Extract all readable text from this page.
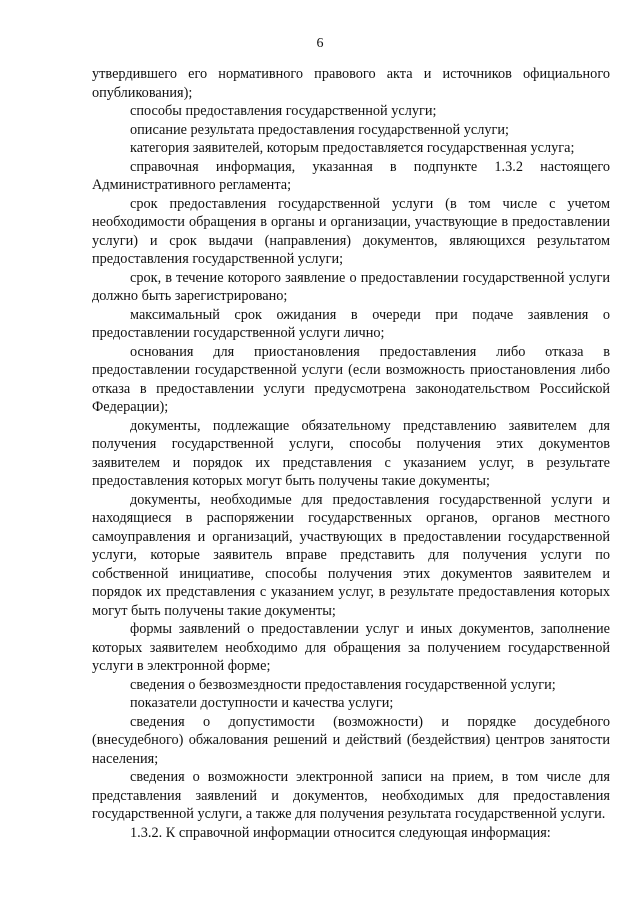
6

утвердившего его нормативного правового акта и источников официального опубликования);

способы предоставления государственной услуги;

описание результата предоставления государственной услуги;

категория заявителей, которым предоставляется государственная услуга;

справочная информация, указанная в подпункте 1.3.2 настоящего Административного регламента;

срок предоставления государственной услуги (в том числе с учетом необходимости обращения в органы и организации, участвующие в предоставлении услуги) и срок выдачи (направления) документов, являющихся результатом предоставления государственной услуги;

срок, в течение которого заявление о предоставлении государственной услуги должно быть зарегистрировано;

максимальный срок ожидания в очереди при подаче заявления о предоставлении государственной услуги лично;

основания для приостановления предоставления либо отказа в предоставлении государственной услуги (если возможность приостановления либо отказа в предоставлении услуги предусмотрена законодательством Российской Федерации);

документы, подлежащие обязательному представлению заявителем для получения государственной услуги, способы получения этих документов заявителем и порядок их представления с указанием услуг, в результате предоставления которых могут быть получены такие документы;

документы, необходимые для предоставления государственной услуги и находящиеся в распоряжении государственных органов, органов местного самоуправления и организаций, участвующих в предоставлении государственной услуги, которые заявитель вправе представить для получения услуги по собственной инициативе, способы получения этих документов заявителем и порядок их представления с указанием услуг, в результате предоставления которых могут быть получены такие документы;

формы заявлений о предоставлении услуг и иных документов, заполнение которых заявителем необходимо для обращения за получением государственной услуги в электронной форме;

сведения о безвозмездности предоставления государственной услуги;

показатели доступности и качества услуги;

сведения о допустимости (возможности) и порядке досудебного (внесудебного) обжалования решений и действий (бездействия) центров занятости населения;

сведения о возможности электронной записи на прием, в том числе для представления заявлений и документов, необходимых для предоставления государственной услуги, а также для получения результата государственной услуги.

1.3.2. К справочной информации относится следующая информация:
